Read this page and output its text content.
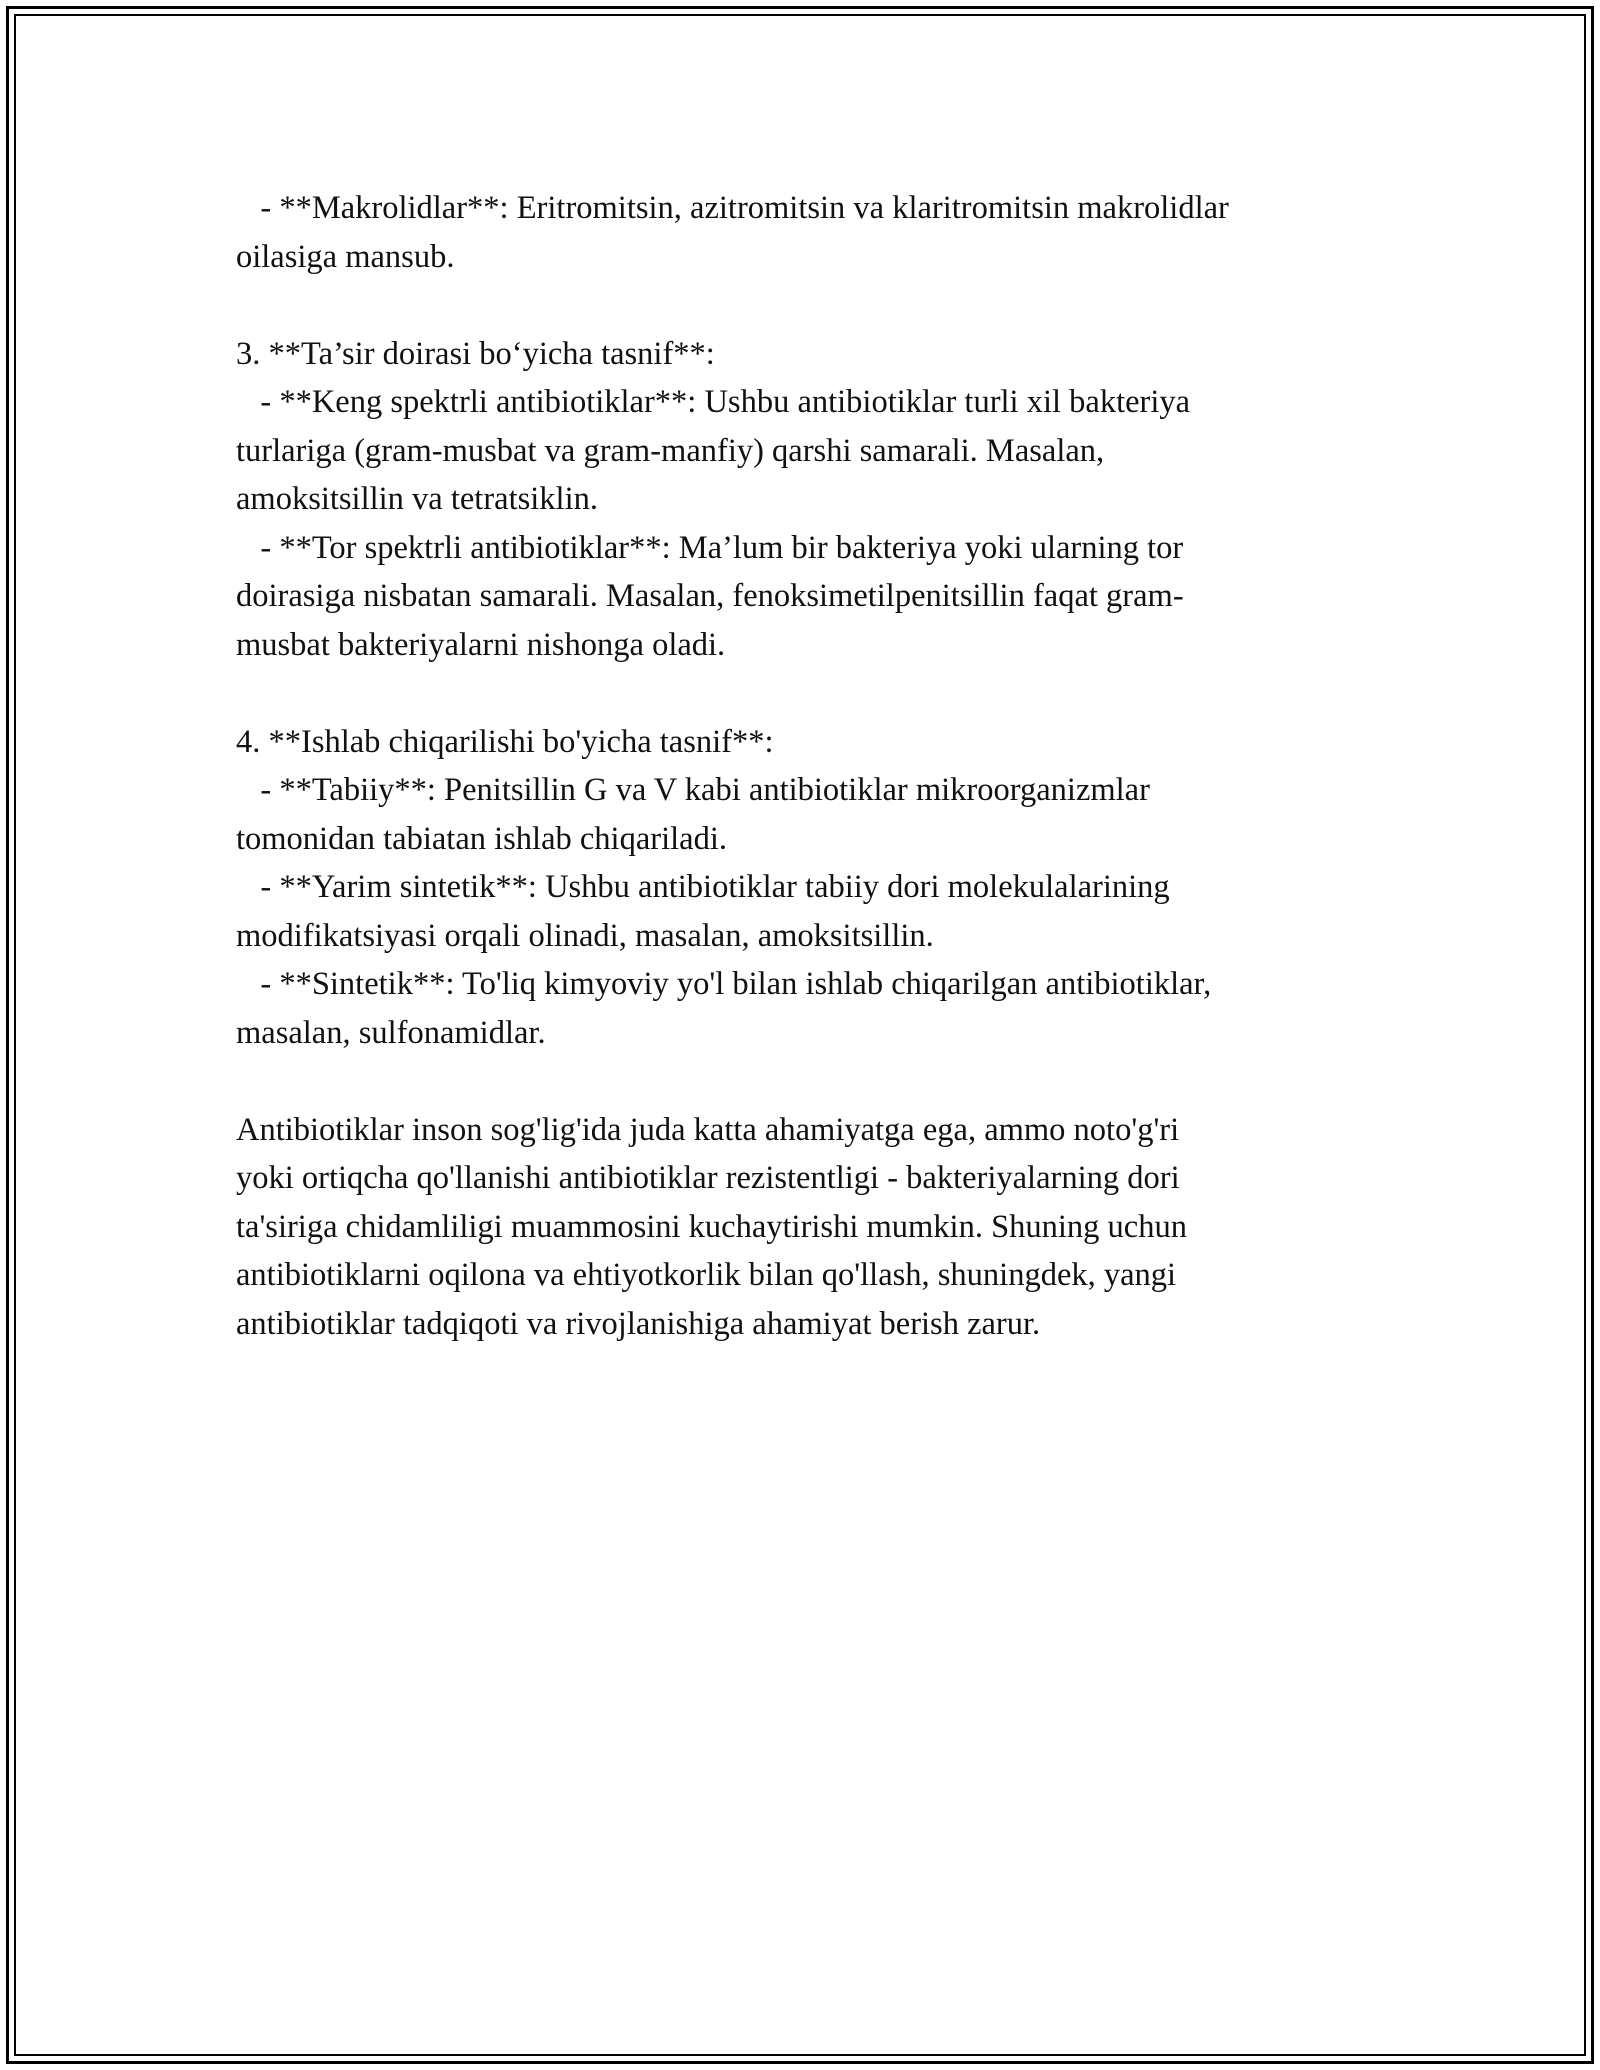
- **Makrolidlar**: Eritromitsin, azitromitsin va klaritromitsin makrolidlar
oilasiga mansub.
3. **Ta’sir doirasi bo‘yicha tasnif**:
- **Keng spektrli antibiotiklar**: Ushbu antibiotiklar turli xil bakteriya
turlariga (gram-musbat va gram-manfiy) qarshi samarali. Masalan,
amoksitsillin va tetratsiklin.
- **Tor spektrli antibiotiklar**: Ma’lum bir bakteriya yoki ularning tor
doirasiga nisbatan samarali. Masalan, fenoksimetilpenitsillin faqat gram-
musbat bakteriyalarni nishonga oladi.
4. **Ishlab chiqarilishi bo'yicha tasnif**:
- **Tabiiy**: Penitsillin G va V kabi antibiotiklar mikroorganizmlar
tomonidan tabiatan ishlab chiqariladi.
- **Yarim sintetik**: Ushbu antibiotiklar tabiiy dori molekulalarining
modifikatsiyasi orqali olinadi, masalan, amoksitsillin.
- **Sintetik**: To'liq kimyoviy yo'l bilan ishlab chiqarilgan antibiotiklar,
masalan, sulfonamidlar.
Antibiotiklar inson sog'lig'ida juda katta ahamiyatga ega, ammo noto'g'ri
yoki ortiqcha qo'llanishi antibiotiklar rezistentligi - bakteriyalarning dori
ta'siriga chidamliligi muammosini kuchaytirishi mumkin. Shuning uchun
antibiotiklarni oqilona va ehtiyotkorlik bilan qo'llash, shuningdek, yangi
antibiotiklar tadqiqoti va rivojlanishiga ahamiyat berish zarur.
